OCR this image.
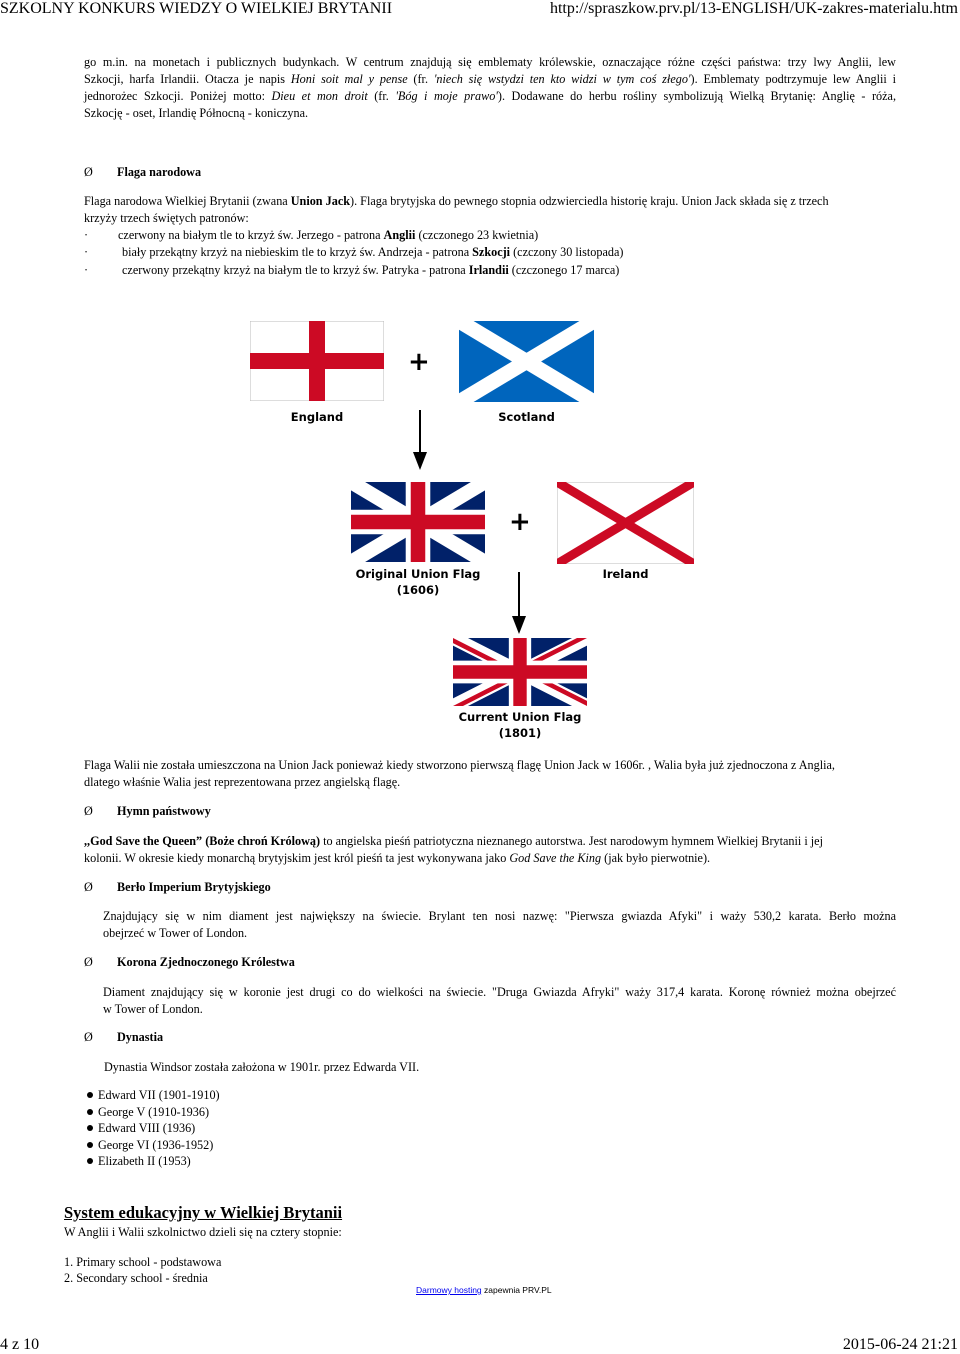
SZKOLNY KONKURS WIEDZY O WIELKIEJ BRYTANII	http://spraszkow.prv.pl/13-ENGLISH/UK-zakres-materialu.htm
go m.in. na monetach i publicznych budynkach. W centrum znajdują się emblematy królewskie, oznaczające różne części państwa: trzy lwy Anglii, lew
Szkocji, harfa Irlandii. Otacza je napis Honi soit mal y pense (fr. 'niech się wstydzi ten kto widzi w tym coś złego'). Emblematy podtrzymuje lew Anglii i
jednorożec Szkocji. Poniżej motto: Dieu et mon droit (fr. 'Bóg i moje prawo'). Dodawane do herbu rośliny symbolizują Wielką Brytanię: Anglię - róża,
Szkocję - oset, Irlandię Północną - koniczyna.
Ø Flaga narodowa
Flaga narodowa Wielkiej Brytanii (zwana Union Jack). Flaga brytyjska do pewnego stopnia odzwierciedla historię kraju. Union Jack składa się z trzech
krzyży trzech świętych patronów:
· czerwony na białym tle to krzyż św. Jerzego - patrona Anglii (czczonego 23 kwietnia)
·	biały przekątny krzyż na niebieskim tle to krzyż św. Andrzeja - patrona Szkocji (czczony 30 listopada)
·	czerwony przekątny krzyż na białym tle to krzyż św. Patryka - patrona Irlandii (czczonego 17 marca)
+
England	Scotland
+
Original Union Flag
(1606)
Ireland
Current Union Flag
(1801)
Flaga Walii nie została umieszczona na Union Jack ponieważ kiedy stworzono pierwszą flagę Union Jack w 1606r. , Walia była już zjednoczona z Anglia,
dlatego właśnie Walia jest reprezentowana przez angielską flagę.
Ø Hymn państwowy
,,God Save the Queen” (Boże chroń Królową) to angielska pieśń patriotyczna nieznanego autorstwa. Jest narodowym hymnem Wielkiej Brytanii i jej
kolonii. W okresie kiedy monarchą brytyjskim jest król pieśń ta jest wykonywana jako God Save the King (jak było pierwotnie).
Ø Berło Imperium Brytyjskiego
Znajdujący się w nim diament jest największy na świecie. Brylant ten nosi nazwę: "Pierwsza gwiazda Afyki" i waży 530,2 karata. Berło można
obejrzeć w Tower of London.
Ø Korona Zjednoczonego Królestwa
Diament znajdujący się w koronie jest drugi co do wielkości na świecie. "Druga Gwiazda Afryki" waży 317,4 karata. Koronę również można obejrzeć
w Tower of London.
Ø Dynastia
Dynastia Windsor została założona w 1901r. przez Edwarda VII.
Edward VII (1901-1910)
George V (1910-1936)
Edward VIII (1936)
George VI (1936-1952)
Elizabeth II (1953)
System edukacyjny w Wielkiej Brytanii
W Anglii i Walii szkolnictwo dzieli się na cztery stopnie:
1. Primary school - podstawowa
2. Secondary school - średnia
Darmowy hosting zapewnia PRV.PL
4 z 10	2015-06-24 21:21
